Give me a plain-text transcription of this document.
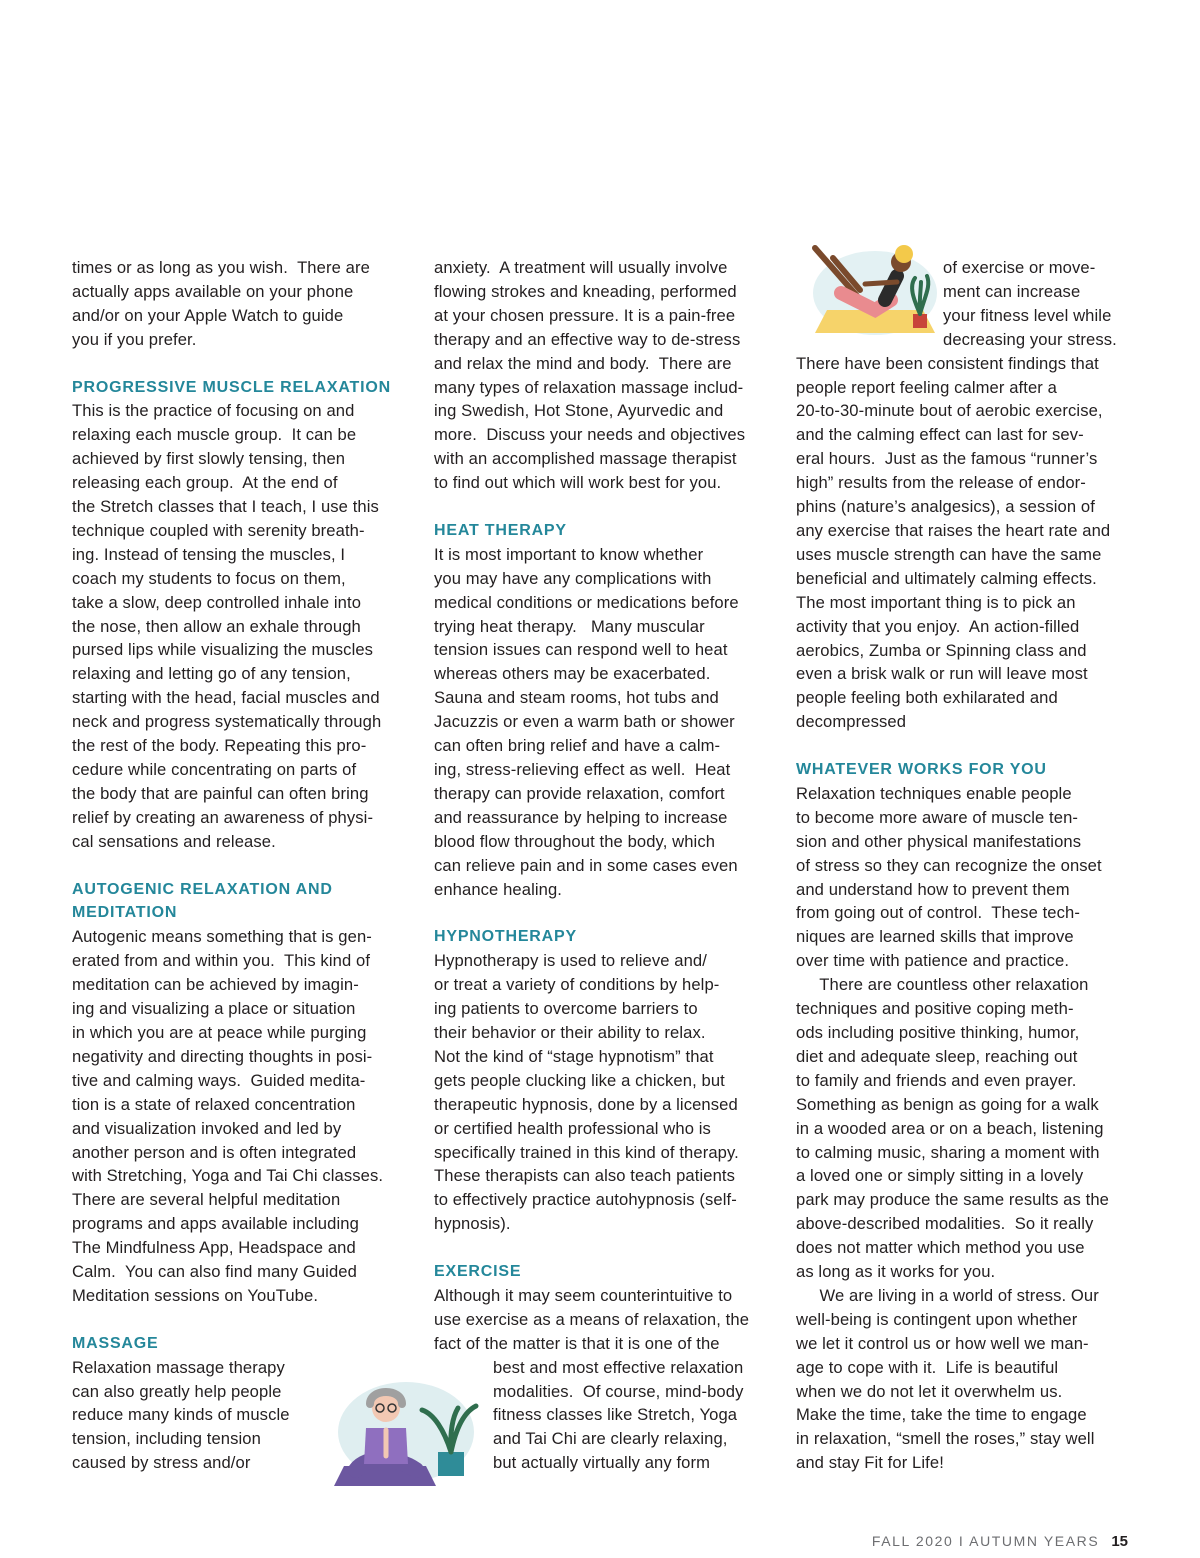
times or as long as you wish.  There are

actually apps available on your phone

and/or on your Apple Watch to guide

you if you prefer.

PROGRESSIVE MUSCLE RELAXATION

This is the practice of focusing on and

relaxing each muscle group.  It can be

achieved by first slowly tensing, then

releasing each group.  At the end of

the Stretch classes that I teach, I use this

technique coupled with serenity breath-

ing. Instead of tensing the muscles, I

coach my students to focus on them,

take a slow, deep controlled inhale into

the nose, then allow an exhale through

pursed lips while visualizing the muscles

relaxing and letting go of any tension,

starting with the head, facial muscles and

neck and progress systematically through

the rest of the body. Repeating this pro-

cedure while concentrating on parts of

the body that are painful can often bring

relief by creating an awareness of physi-

cal sensations and release.

AUTOGENIC RELAXATION AND
MEDITATION

Autogenic means something that is gen-

erated from and within you.  This kind of

meditation can be achieved by imagin-

ing and visualizing a place or situation

in which you are at peace while purging

negativity and directing thoughts in posi-

tive and calming ways.  Guided medita-

tion is a state of relaxed concentration

and visualization invoked and led by

another person and is often integrated

with Stretching, Yoga and Tai Chi classes.

There are several helpful meditation

programs and apps available including

The Mindfulness App, Headspace and

Calm.  You can also find many Guided

Meditation sessions on YouTube.

MASSAGE

Relaxation massage therapy

can also greatly help people

reduce many kinds of muscle

tension, including tension

caused by stress and/or

anxiety.  A treatment will usually involve

flowing strokes and kneading, performed

at your chosen pressure. It is a pain-free

therapy and an effective way to de-stress

and relax the mind and body.  There are

many types of relaxation massage includ-

ing Swedish, Hot Stone, Ayurvedic and

more.  Discuss your needs and objectives

with an accomplished massage therapist

to find out which will work best for you.

HEAT THERAPY

It is most important to know whether

you may have any complications with

medical conditions or medications before

trying heat therapy.   Many muscular

tension issues can respond well to heat

whereas others may be exacerbated.

Sauna and steam rooms, hot tubs and

Jacuzzis or even a warm bath or shower

can often bring relief and have a calm-

ing, stress-relieving effect as well.  Heat

therapy can provide relaxation, comfort

and reassurance by helping to increase

blood flow throughout the body, which

can relieve pain and in some cases even

enhance healing.

HYPNOTHERAPY

Hypnotherapy is used to relieve and/

or treat a variety of conditions by help-

ing patients to overcome barriers to

their behavior or their ability to relax.

Not the kind of “stage hypnotism” that

gets people clucking like a chicken, but

therapeutic hypnosis, done by a licensed

or certified health professional who is

specifically trained in this kind of therapy.

These therapists can also teach patients

to effectively practice autohypnosis (self-

hypnosis).

EXERCISE

Although it may seem counterintuitive to

use exercise as a means of relaxation, the

fact of the matter is that it is one of the

best and most effective relaxation

modalities.  Of course, mind-body

fitness classes like Stretch, Yoga

and Tai Chi are clearly relaxing,

but actually virtually any form

of exercise or move-

ment can increase

your fitness level while

decreasing your stress.

There have been consistent findings that

people report feeling calmer after a

20-to-30-minute bout of aerobic exercise,

and the calming effect can last for sev-

eral hours.  Just as the famous “runner’s

high” results from the release of endor-

phins (nature’s analgesics), a session of

any exercise that raises the heart rate and

uses muscle strength can have the same

beneficial and ultimately calming effects.

The most important thing is to pick an

activity that you enjoy.  An action-filled

aerobics, Zumba or Spinning class and

even a brisk walk or run will leave most

people feeling both exhilarated and

decompressed

WHATEVER WORKS FOR YOU

Relaxation techniques enable people

to become more aware of muscle ten-

sion and other physical manifestations

of stress so they can recognize the onset

and understand how to prevent them

from going out of control.  These tech-

niques are learned skills that improve

over time with patience and practice.

There are countless other relaxation

techniques and positive coping meth-

ods including positive thinking, humor,

diet and adequate sleep, reaching out

to family and friends and even prayer.

Something as benign as going for a walk

in a wooded area or on a beach, listening

to calming music, sharing a moment with

a loved one or simply sitting in a lovely

park may produce the same results as the

above-described modalities.  So it really

does not matter which method you use

as long as it works for you.

We are living in a world of stress. Our

well-being is contingent upon whether

we let it control us or how well we man-

age to cope with it.  Life is beautiful

when we do not let it overwhelm us.

Make the time, take the time to engage

in relaxation, “smell the roses,” stay well

and stay Fit for Life!

FALL 2020 I AUTUMN YEARS 15
